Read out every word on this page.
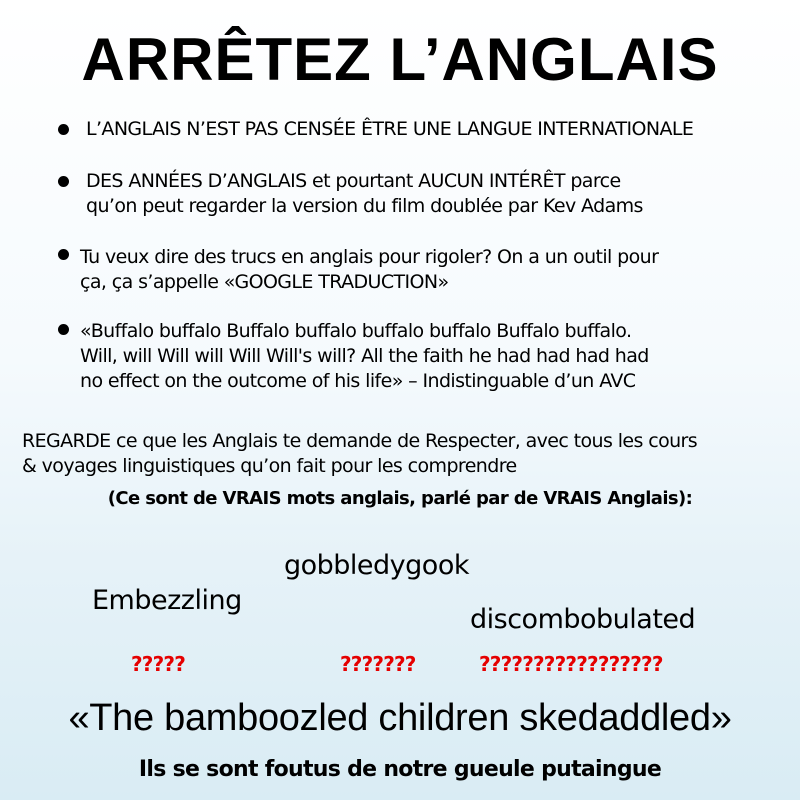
ARRÊTEZ L’ANGLAIS
L’ANGLAIS N’EST PAS CENSÉE ÊTRE UNE LANGUE INTERNATIONALE
DES ANNÉES D’ANGLAIS et pourtant AUCUN INTÉRÊT parce
qu’on peut regarder la version du film doublée par Kev Adams
Tu veux dire des trucs en anglais pour rigoler? On a un outil pour
ça, ça s’appelle «GOOGLE TRADUCTION»
«Buffalo buffalo Buffalo buffalo buffalo buffalo Buffalo buffalo.
Will, will Will will Will Will's will? All the faith he had had had had
no effect on the outcome of his life» – Indistinguable d’un AVC
REGARDE ce que les Anglais te demande de Respecter, avec tous les cours
& voyages linguistiques qu’on fait pour les comprendre
(Ce sont de VRAIS mots anglais, parlé par de VRAIS Anglais):
gobbledygook
Embezzling
discombobulated
?????	???????	?????????????????
«The bamboozled children skedaddled»
Ils se sont foutus de notre gueule putaingue
